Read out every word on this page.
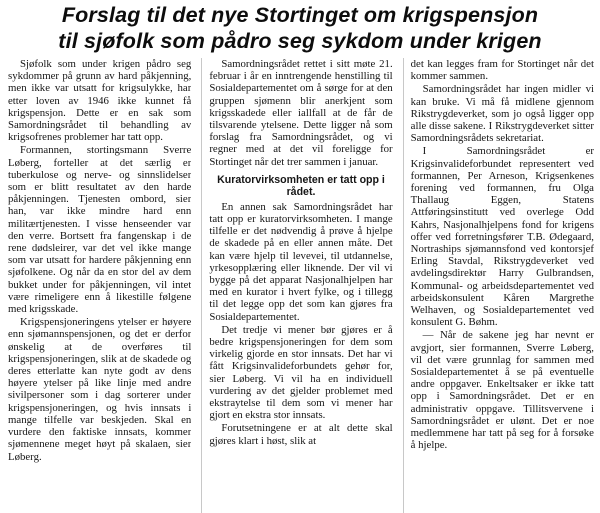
Forslag til det nye Stortinget om krigspensjon
til sjøfolk som pådro seg sykdom under krigen

Sjøfolk som under krigen pådro seg sykdommer på grunn av hard påkjenning, men ikke var utsatt for krigsulykke, har etter loven av 1946 ikke kunnet få krigspensjon. Dette er en sak som Samordningsrådet til behandling av krigsofrenes problemer har tatt opp.

Formannen, stortingsmann Sverre Løberg, forteller at det særlig er tuberkulose og nerve- og sinnslidelser som er blitt resultatet av den harde påkjenningen. Tjenesten ombord, sier han, var ikke mindre hard enn militærtjenesten. I visse henseender var den verre. Bortsett fra fangenskap i de rene dødsleirer, var det vel ikke mange som var utsatt for hardere påkjenning enn sjøfolkene. Og når da en stor del av dem bukket under for påkjenningen, vil intet være rimeligere enn å likestille følgene med krigsskade.

Krigspensjoneringens ytelser er høyere enn sjømannspensjonen, og det er derfor ønskelig at de overføres til krigspensjoneringen, slik at de skadede og deres etterlatte kan nyte godt av dens høyere ytelser på like linje med andre sivilpersoner som i dag sorterer under krigspensjoneringen, og hvis innsats i mange tilfelle var beskjeden. Skal en vurdere den faktiske innsats, kommer sjømennene meget høyt på skalaen, sier Løberg.

Samordningsrådet rettet i sitt møte 21. februar i år en inntrengende henstilling til Sosialdepartementet om å sørge for at den gruppen sjømenn blir anerkjent som krigsskadede eller iallfall at de får de tilsvarende ytelsene. Dette ligger nå som forslag fra Samordningsrådet, og vi regner med at det vil foreligge for Stortinget når det trer sammen i januar.

Kuratorvirksomheten er tatt opp i rådet.

En annen sak Samordningsrådet har tatt opp er kuratorvirksomheten. I mange tilfelle er det nødvendig å prøve å hjelpe de skadede på en eller annen måte. Det kan være hjelp til levevei, til utdannelse, yrkesopplæring eller liknende. Der vil vi bygge på det apparat Nasjonalhjelpen har med en kurator i hvert fylke, og i tillegg til det legge opp det som kan gjøres fra Sosialdepartementet.

Det tredje vi mener bør gjøres er å bedre krigspensjoneringen for dem som virkelig gjorde en stor innsats. Det har vi fått Krigsinvalideforbundets gehør for, sier Løberg. Vi vil ha en individuell vurdering av det gjelder problemet med ekstraytelse til dem som vi mener har gjort en ekstra stor innsats.

Forutsetningene er at alt dette skal gjøres klart i høst, slik at

det kan legges fram for Stortinget når det kommer sammen.

Samordningsrådet har ingen midler vi kan bruke. Vi må få midlene gjennom Rikstrygdeverket, som jo også ligger opp alle disse sakene. I Rikstrygdeverket sitter Samordningsrådets sekretariat.

I Samordningsrådet er Krigsinvalideforbundet representert ved formannen, Per Arneson, Krigsenkenes forening ved formannen, fru Olga Thallaug Eggen, Statens Attføringsinstitutt ved overlege Odd Kahrs, Nasjonalhjelpens fond for krigens offer ved forretningsfører T.B. Ødegaard, Nortraships sjømannsfond ved kontorsjef Erling Stavdal, Rikstrygdeverket ved avdelingsdirektør Harry Gulbrandsen, Kommunal- og arbeidsdepartementet ved arbeidskonsulent Kåren Margrethe Welhaven, og Sosialdepartementet ved konsulent G. Bøhm.

— Når de sakene jeg har nevnt er avgjort, sier formannen, Sverre Løberg, vil det være grunnlag for sammen med Sosialdepartementet å se på eventuelle andre oppgaver. Enkeltsaker er ikke tatt opp i Samordningsrådet. Det er en administrativ oppgave. Tillitsvervene i Samordningsrådet er ulønt. Det er noe medlemmene har tatt på seg for å forsøke å hjelpe.
